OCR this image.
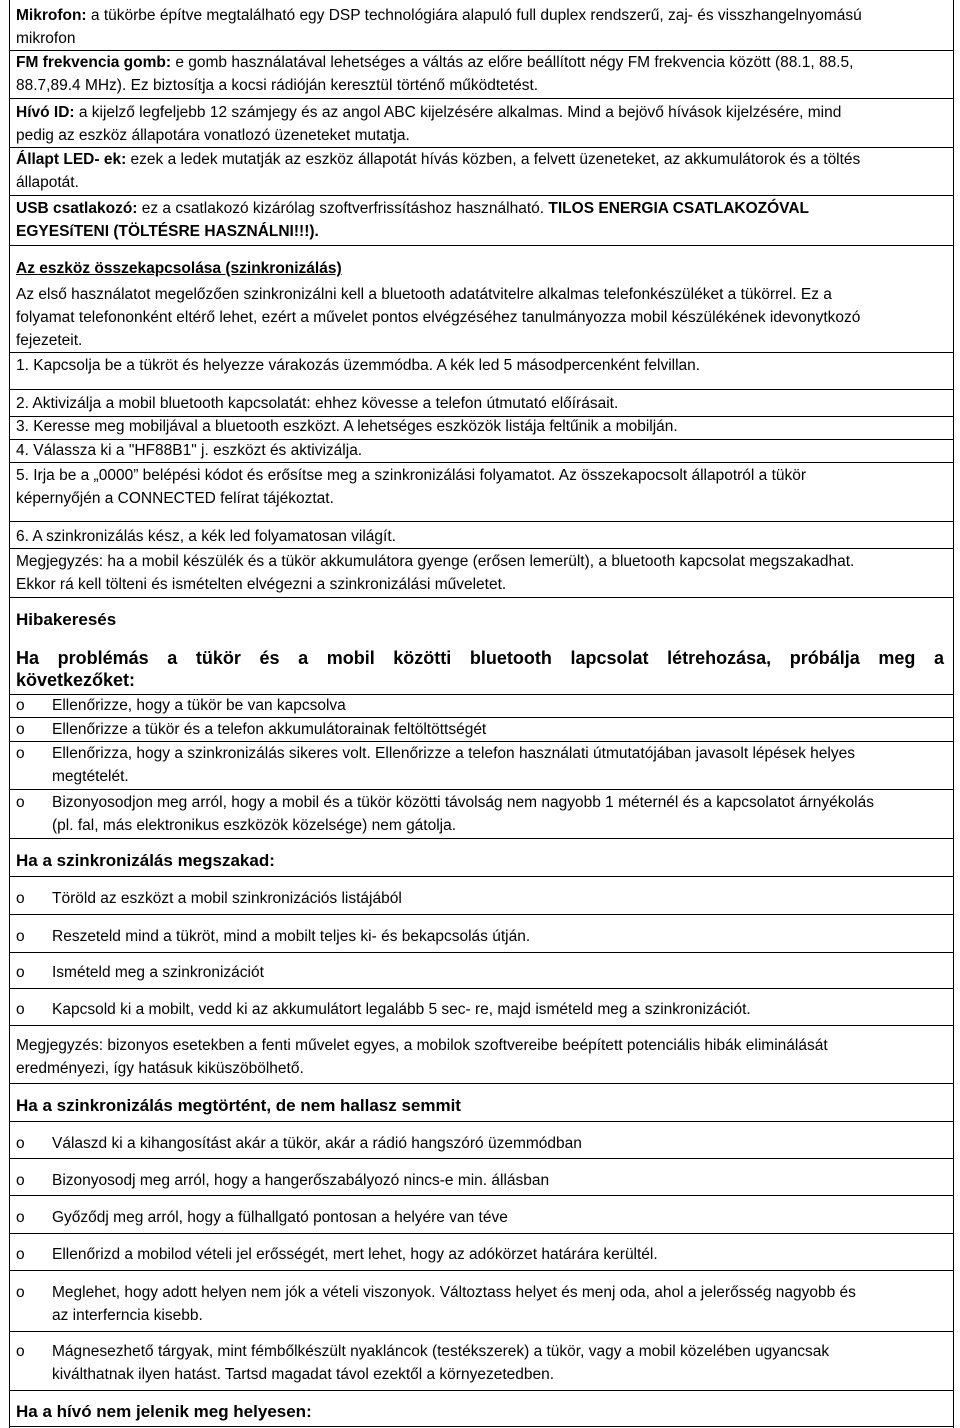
Mikrofon: a tükörbe építve megtalálható egy DSP technológiára alapuló full duplex rendszerű, zaj- és visszhangelnyomású
mikrofon
FM frekvencia gomb: e gomb használatával lehetséges a váltás az előre beállított négy FM frekvencia között (88.1, 88.5,
88.7,89.4 MHz). Ez biztosítja a kocsi rádióján keresztül történő működtetést.
Hívó ID: a kijelző legfeljebb 12 számjegy és az angol ABC kijelzésére alkalmas. Mind a bejövő hívások kijelzésére, mind
pedig az eszköz állapotára vonatlozó üzeneteket mutatja.
Állapt LED- ek: ezek a ledek mutatják az eszköz állapotát hívás közben, a felvett üzeneteket, az akkumulátorok és a töltés
állapotát.
USB csatlakozó: ez a csatlakozó kizárólag szoftverfrissításhoz használható. TILOS ENERGIA CSATLAKOZÓVAL
EGYESíTENI (TÖLTÉSRE HASZNÁLNI!!!).
Az eszköz összekapcsolása (szinkronizálás)
Az első használatot megelőzően szinkronizálni kell a bluetooth adatátvitelre alkalmas telefonkészüléket a tükörrel. Ez a
folyamat telefononként eltérő lehet, ezért a művelet pontos elvégzéséhez tanulmányozza mobil készülékének idevonytkozó
fejezeteit.
1. Kapcsolja be a tükröt és helyezze várakozás üzemmódba. A kék led 5 másodpercenként felvillan.
2. Aktivizálja a mobil bluetooth kapcsolatát: ehhez kövesse a telefon útmutató előírásait.
3. Keresse meg mobiljával a bluetooth eszközt. A lehetséges eszközök listája feltűnik a mobilján.
4. Válassza ki a "HF88B1" j. eszközt és aktivizálja.
5. Irja be a „0000” belépési kódot és erősítse meg a szinkronizálási folyamatot. Az összekapocsolt állapotról a tükör
képernyőjén a CONNECTED felírat tájékoztat.
6. A szinkronizálás kész, a kék led folyamatosan világít.
Megjegyzés: ha a mobil készülék és a tükör akkumulátora gyenge (erősen lemerült), a bluetooth kapcsolat megszakadhat.
Ekkor rá kell tölteni és ismételten elvégezni a szinkronizálási műveletet.
Hibakeresés
Ha problémás a tükör és a mobil közötti bluetooth lapcsolat létrehozása, próbálja meg a
következőket:
o Ellenőrizze, hogy a tükör be van kapcsolva
o Ellenőrizze a tükör és a telefon akkumulátorainak feltöltöttségét
o Ellenőrizza, hogy a szinkronizálás sikeres volt. Ellenőrizze a telefon használati útmutatójában javasolt lépések helyes
megtételét.
o Bizonyosodjon meg arról, hogy a mobil és a tükör közötti távolság nem nagyobb 1 méternél és a kapcsolatot árnyékolás
(pl. fal, más elektronikus eszközök közelsége) nem gátolja.
Ha a szinkronizálás megszakad:
o Töröld az eszközt a mobil szinkronizációs listájából
o Reszeteld mind a tükröt, mind a mobilt teljes ki- és bekapcsolás útján.
o Ismételd meg a szinkronizációt
o Kapcsold ki a mobilt, vedd ki az akkumulátort legalább 5 sec- re, majd ismételd meg a szinkronizációt.
Megjegyzés: bizonyos esetekben a fenti művelet egyes, a mobilok szoftvereibe beépített potenciális hibák eliminálását
eredményezi, így hatásuk kiküszöbölhető.
Ha a szinkronizálás megtörtént, de nem hallasz semmit
o Válaszd ki a kihangosítást akár a tükör, akár a rádió hangszóró üzemmódban
o Bizonyosodj meg arról, hogy a hangerőszabályozó nincs-e min. állásban
o Győződj meg arról, hogy a fülhallgató pontosan a helyére van téve
o Ellenőrizd a mobilod vételi jel erősségét, mert lehet, hogy az adókörzet határára kerültél.
o Meglehet, hogy adott helyen nem jók a vételi viszonyok. Változtass helyet és menj oda, ahol a jelerősség nagyobb és
az interferncia kisebb.
o Mágnesezhető tárgyak, mint fémbőlkészült nyakláncok (testékszerek) a tükör, vagy a mobil közelében ugyancsak
kiválthatnak ilyen hatást. Tartsd magadat távol ezektől a környezetedben.
Ha a hívó nem jelenik meg helyesen:
